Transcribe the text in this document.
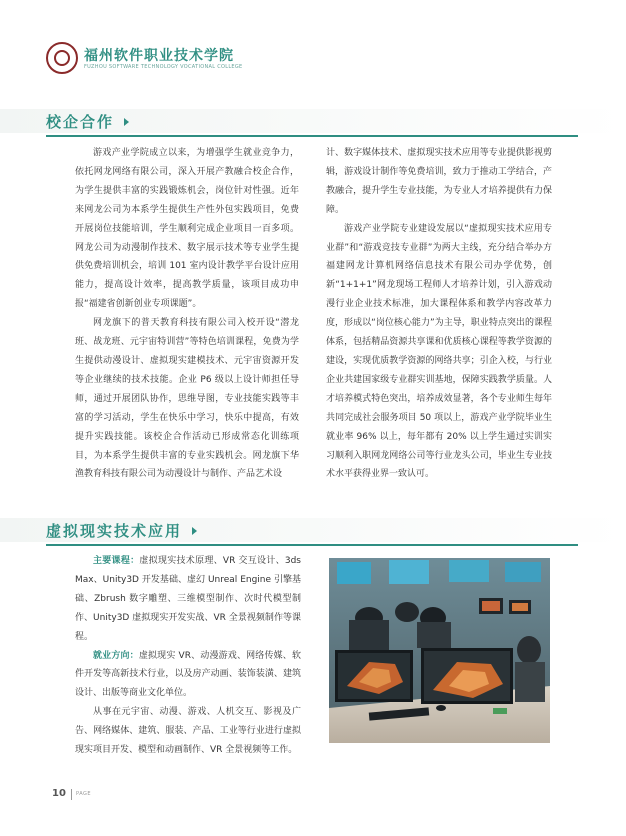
福州软件职业技术学院
FUZHOU SOFTWARE TECHNOLOGY VOCATIONAL COLLEGE
校企合作

游戏产业学院成立以来，为增强学生就业竞争力，依托网龙网络有限公司，深入开展产教融合校企合作，为学生提供丰富的实践锻炼机会，岗位针对性强。近年来网龙公司为本系学生提供生产性外包实践项目，免费开展岗位技能培训，学生顺利完成企业项目一百多项。网龙公司为动漫制作技术、数字展示技术等专业学生提供免费培训机会，培训 101 室内设计教学平台设计应用能力，提高设计效率，提高教学质量，该项目成功申报“福建省创新创业专项课题”。

网龙旗下的普天教育科技有限公司入校开设“潜龙班、战龙班、元宇宙特训营”等特色培训课程，免费为学生提供动漫设计、虚拟现实建模技术、元宇宙资源开发等企业继续的技术技能。企业 P6 级以上设计师担任导师，通过开展团队协作，思维导图，专业技能实践等丰富的学习活动，学生在快乐中学习，快乐中提高，有效提升实践技能。该校企合作活动已形成常态化训练项目，为本系学生提供丰富的专业实践机会。网龙旗下华渔教育科技有限公司为动漫设计与制作、产品艺术设

计、数字媒体技术、虚拟现实技术应用等专业提供影视剪辑，游戏设计制作等免费培训，致力于推动工学结合，产教融合，提升学生专业技能，为专业人才培养提供有力保障。

游戏产业学院专业建设发展以“虚拟现实技术应用专业群”和“游戏竞技专业群”为两大主线，充分结合举办方福建网龙计算机网络信息技术有限公司办学优势，创新“1+1+1”网龙现场工程师人才培养计划，引入游戏动漫行业企业技术标准，加大课程体系和教学内容改革力度，形成以“岗位核心能力”为主导，职业特点突出的课程体系，包括精品资源共享课和优质核心课程等教学资源的建设，实现优质教学资源的网络共享；引企入校，与行业企业共建国家级专业群实训基地，保障实践教学质量。人才培养模式特色突出，培养成效显著，各个专业师生每年共同完成社会服务项目 50 项以上，游戏产业学院毕业生就业率 96% 以上，每年都有 20% 以上学生通过实训实习顺利入职网龙网络公司等行业龙头公司，毕业生专业技术水平获得业界一致认可。

虚拟现实技术应用

主要课程：虚拟现实技术原理、VR 交互设计、3ds Max、Unity3D 开发基础、虚幻 Unreal Engine 引擎基础、Zbrush 数字雕塑、三维模型制作、次时代模型制作、Unity3D 虚拟现实开发实战、VR 全景视频制作等课程。

就业方向：虚拟现实 VR、动漫游戏、网络传媒、软件开发等高新技术行业，以及房产动画、装饰装潢、建筑设计、出版等商业文化单位。

从事在元宇宙、动漫、游戏、人机交互、影视及广告、网络媒体、建筑、服装、产品、工业等行业进行虚拟现实项目开发、模型和动画制作、VR 全景视频等工作。

10 PAGE
